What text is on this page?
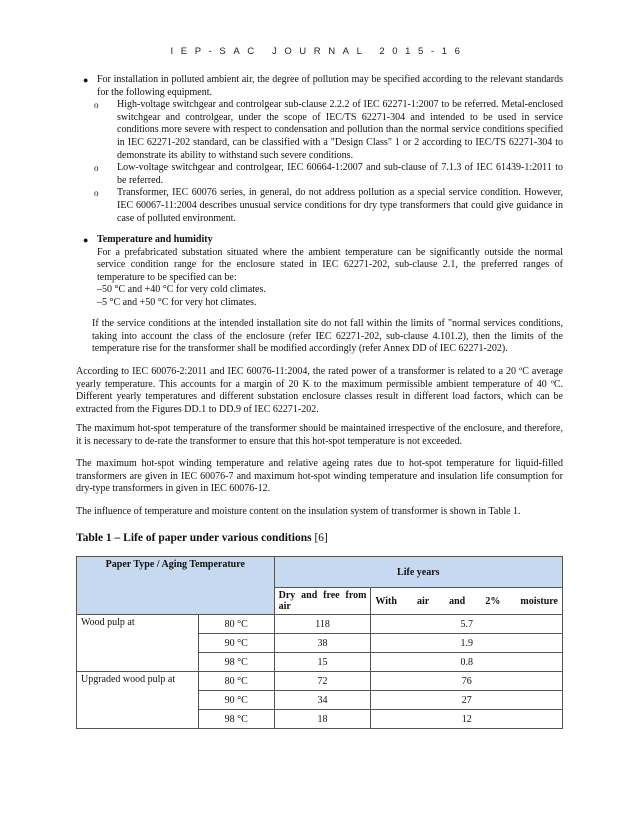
IEP-SAC JOURNAL 2015-16
● For installation in polluted ambient air, the degree of pollution may be specified according to the relevant standards for the following equipment.
o High-voltage switchgear and controlgear sub-clause 2.2.2 of IEC 62271-1:2007 to be referred. Metal-enclosed switchgear and controlgear, under the scope of IEC/TS 62271-304 and intended to be used in service conditions more severe with respect to condensation and pollution than the normal service conditions specified in IEC 62271-202 standard, can be classified with a "Design Class" 1 or 2 according to IEC/TS 62271-304 to demonstrate its ability to withstand such severe conditions.
o Low-voltage switchgear and controlgear, IEC 60664-1:2007 and sub-clause of 7.1.3 of IEC 61439-1:2011 to be referred.
o Transformer, IEC 60076 series, in general, do not address pollution as a special service condition. However, IEC 60067-11:2004 describes unusual service conditions for dry type transformers that could give guidance in case of polluted environment.
● Temperature and humidity
For a prefabricated substation situated where the ambient temperature can be significantly outside the normal service condition range for the enclosure stated in IEC 62271-202, sub-clause 2.1, the preferred ranges of temperature to be specified can be:
–50 °C and +40 °C for very cold climates.
–5 °C and +50 °C for very hot climates.
If the service conditions at the intended installation site do not fall within the limits of "normal services conditions, taking into account the class of the enclosure (refer IEC 62271-202, sub-clause 4.101.2), then the limits of the temperature rise for the transformer shall be modified accordingly (refer Annex DD of IEC 62271-202).
According to IEC 60076-2:2011 and IEC 60076-11:2004, the rated power of a transformer is related to a 20 ºC average yearly temperature. This accounts for a margin of 20 K to the maximum permissible ambient temperature of 40 ºC. Different yearly temperatures and different substation enclosure classes result in different load factors, which can be extracted from the Figures DD.1 to DD.9 of IEC 62271-202.
The maximum hot-spot temperature of the transformer should be maintained irrespective of the enclosure, and therefore, it is necessary to de-rate the transformer to ensure that this hot-spot temperature is not exceeded.
The maximum hot-spot winding temperature and relative ageing rates due to hot-spot temperature for liquid-filled transformers are given in IEC 60076-7 and maximum hot-spot winding temperature and insulation life consumption for dry-type transformers in given in IEC 60076-12.
The influence of temperature and moisture content on the insulation system of transformer is shown in Table 1.
Table 1 – Life of paper under various conditions [6]
Paper Type / Aging Temperature		Life years	

		Dry and free from air	With air and 2% moisture

Wood pulp at	80 °C	118	5.7
	90 °C	38	1.9
	98 °C	15	0.8
Upgraded wood pulp at	80 °C	72	76
	90 °C	34	27
	98 °C	18	12
